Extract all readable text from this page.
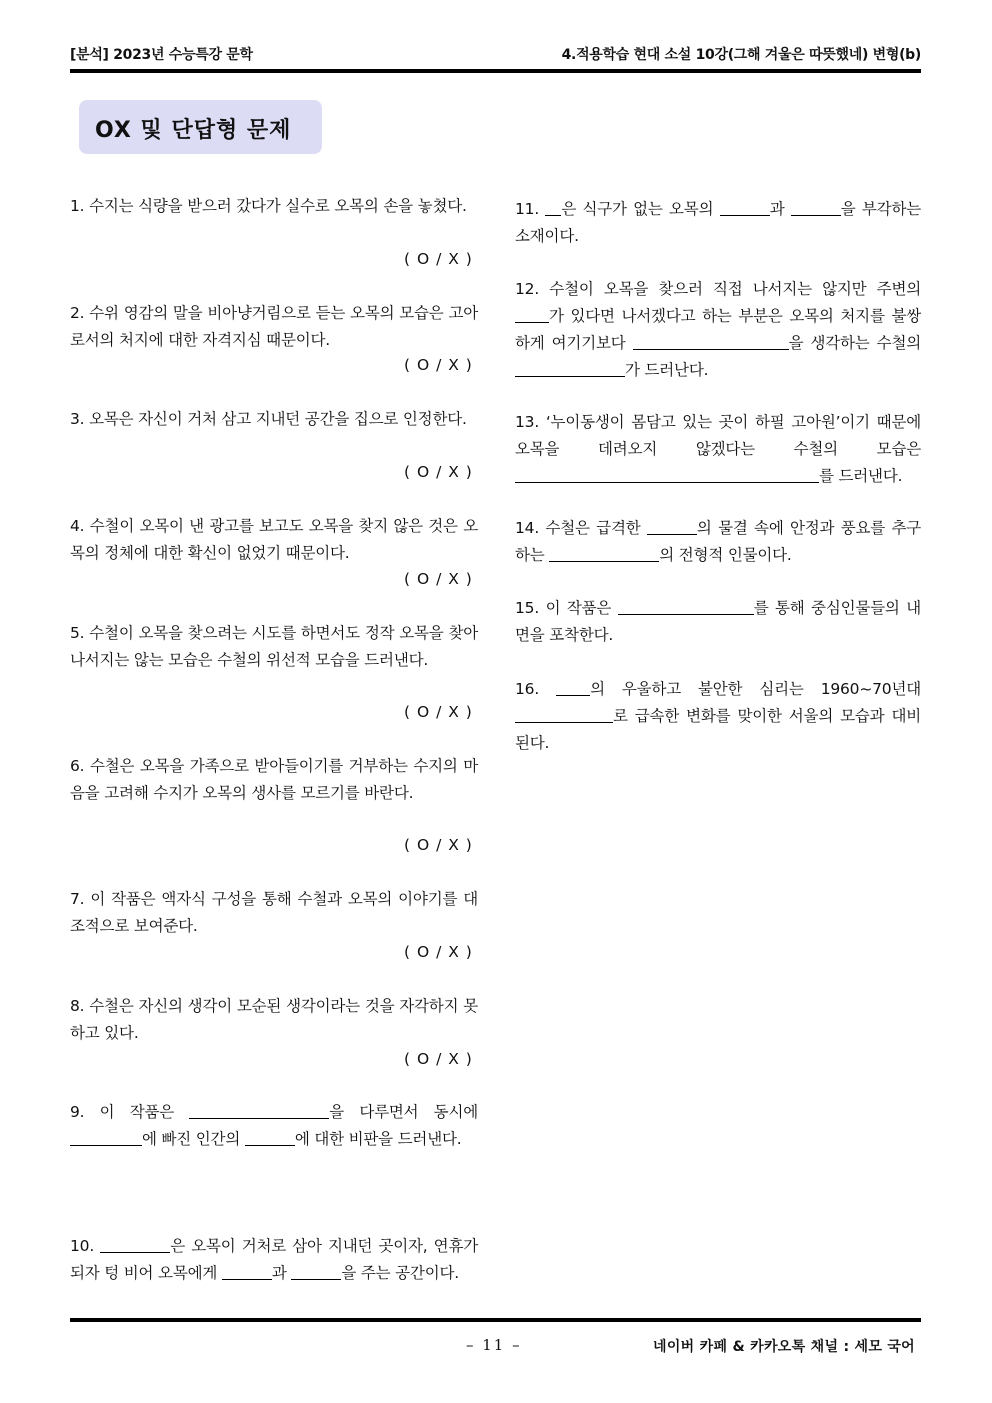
[분석] 2023년 수능특강 문학	4.적용학습 현대 소설 10강(그해 겨울은 따뜻했네) 변형(b)
OX 및 단답형 문제
1. 수지는 식량을 받으러 갔다가 실수로 오목의 손을 놓쳤다.
( O / X )
2. 수위 영감의 말을 비아냥거림으로 듣는 오목의 모습은 고아로서의 처지에 대한 자격지심 때문이다.
( O / X )
3. 오목은 자신이 거처 삼고 지내던 공간을 집으로 인정한다.
( O / X )
4. 수철이 오목이 낸 광고를 보고도 오목을 찾지 않은 것은 오목의 정체에 대한 확신이 없었기 때문이다.
( O / X )
5. 수철이 오목을 찾으려는 시도를 하면서도 정작 오목을 찾아 나서지는 않는 모습은 수철의 위선적 모습을 드러낸다.
( O / X )
6. 수철은 오목을 가족으로 받아들이기를 거부하는 수지의 마음을 고려해 수지가 오목의 생사를 모르기를 바란다.
( O / X )
7. 이 작품은 액자식 구성을 통해 수철과 오목의 이야기를 대조적으로 보여준다.
( O / X )
8. 수철은 자신의 생각이 모순된 생각이라는 것을 자각하지 못하고 있다.
( O / X )
9. 이 작품은	을 다루면서 동시에 에 빠진 인간의	에 대한 비판을 드러낸다.
10.	은 오목이 거처로 삼아 지내던 곳이자, 연휴가 되자 텅 비어 오목에게	과	을 주는 공간이다.
11. 은 식구가 없는 오목의	과	을 부각하는 소재이다.
12. 수철이 오목을 찾으러 직접 나서지는 않지만 주변의 가 있다면 나서겠다고 하는 부분은 오목의 처지를 불쌍하게 여기기보다	을 생각하는 수철의 가 드러난다.
13. ‘누이동생이 몸담고 있는 곳이 하필 고아원’이기 때문에 오목을 데려오지 않겠다는 수철의 모습은 를 드러낸다.
14. 수철은 급격한	의 물결 속에 안정과 풍요를 추구하는	의 전형적 인물이다.
15. 이 작품은	를 통해 중심인물들의 내면을 포착한다.
16. 의 우울하고 불안한 심리는 1960~70년대 로 급속한 변화를 맞이한 서울의 모습과 대비된다.
– 11 –	네이버 카페 & 카카오톡 채널 : 세모 국어
